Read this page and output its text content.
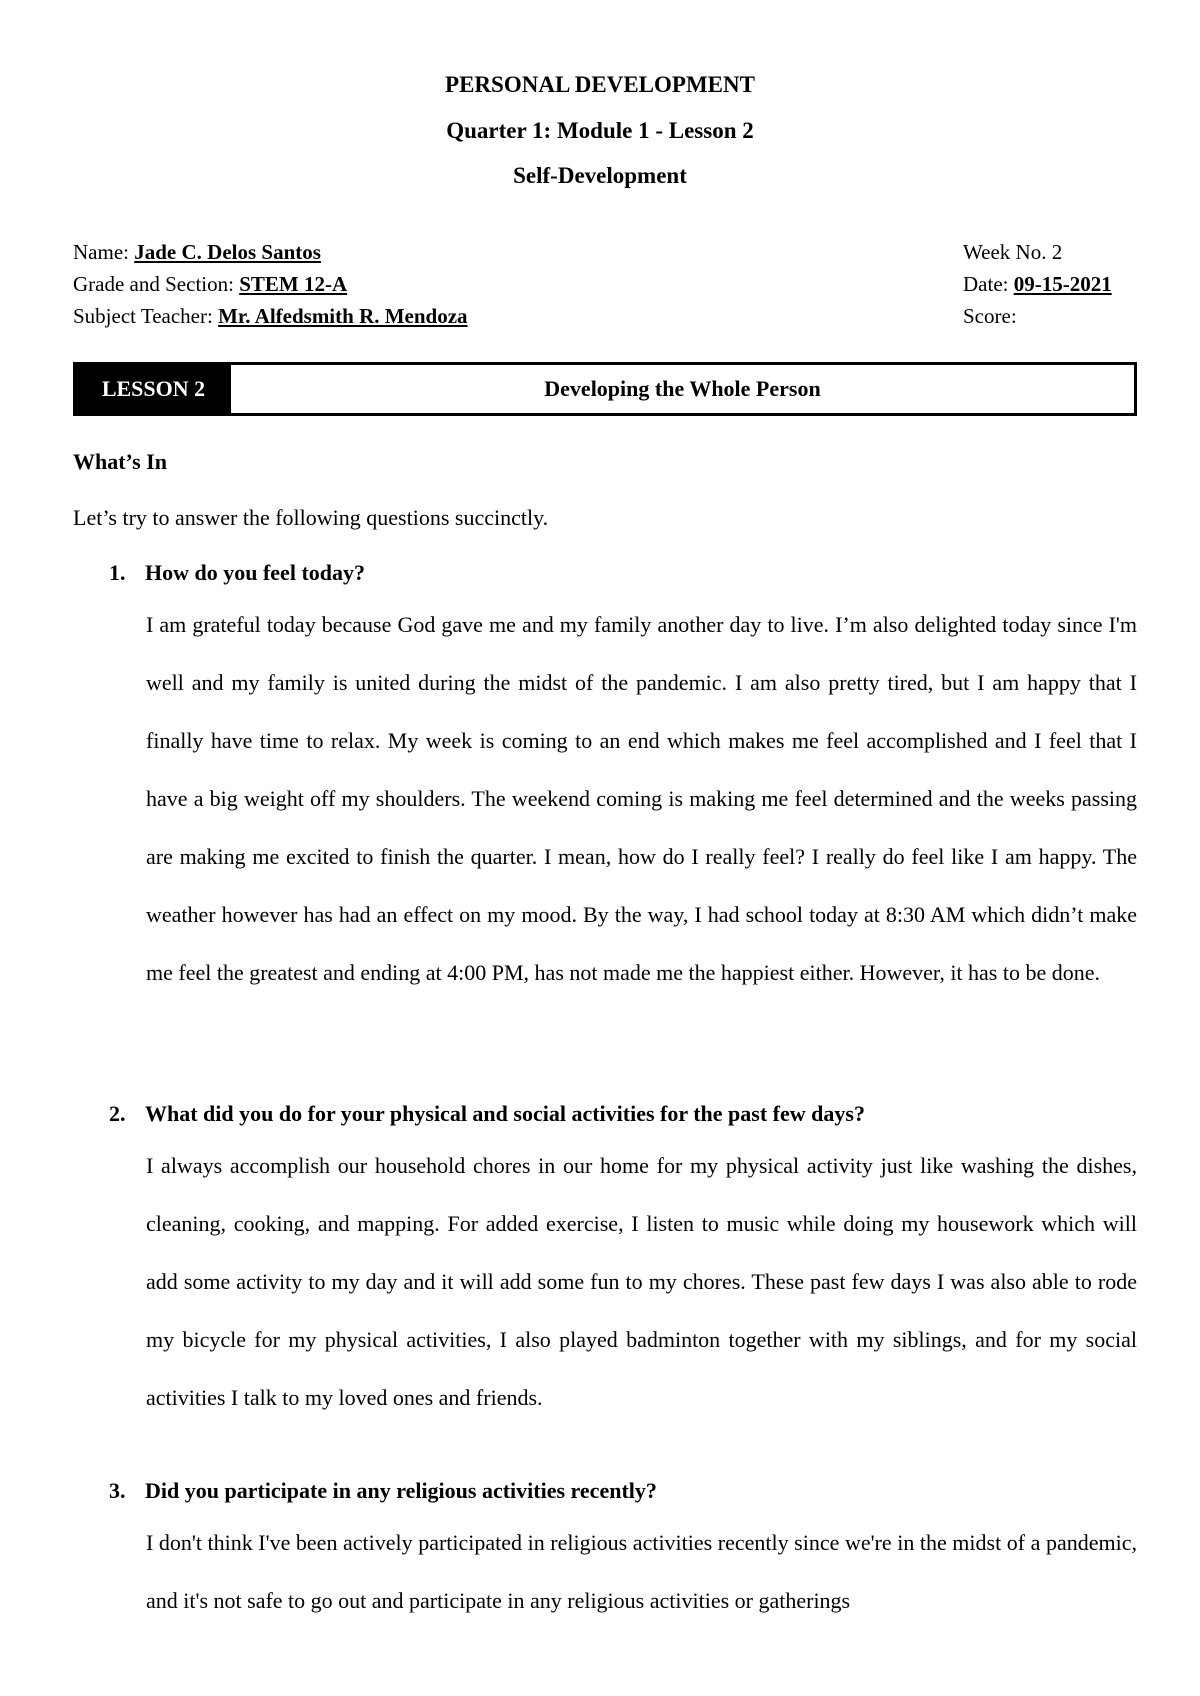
PERSONAL DEVELOPMENT
Quarter 1: Module 1 - Lesson 2
Self-Development
Name: Jade C. Delos Santos
Grade and Section: STEM 12-A
Subject Teacher: Mr. Alfedsmith R. Mendoza
Week No. 2
Date: 09-15-2021
Score:
LESSON 2	Developing the Whole Person
What’s In
Let’s try to answer the following questions succinctly.
1. How do you feel today?
I am grateful today because God gave me and my family another day to live. I’m also delighted today since I'm well and my family is united during the midst of the pandemic. I am also pretty tired, but I am happy that I finally have time to relax. My week is coming to an end which makes me feel accomplished and I feel that I have a big weight off my shoulders. The weekend coming is making me feel determined and the weeks passing are making me excited to finish the quarter. I mean, how do I really feel? I really do feel like I am happy. The weather however has had an effect on my mood. By the way, I had school today at 8:30 AM which didn’t make me feel the greatest and ending at 4:00 PM, has not made me the happiest either. However, it has to be done.
2. What did you do for your physical and social activities for the past few days?
I always accomplish our household chores in our home for my physical activity just like washing the dishes, cleaning, cooking, and mapping. For added exercise, I listen to music while doing my housework which will add some activity to my day and it will add some fun to my chores. These past few days I was also able to rode my bicycle for my physical activities, I also played badminton together with my siblings, and for my social activities I talk to my loved ones and friends.
3. Did you participate in any religious activities recently?
I don't think I've been actively participated in religious activities recently since we're in the midst of a pandemic, and it's not safe to go out and participate in any religious activities or gatherings
